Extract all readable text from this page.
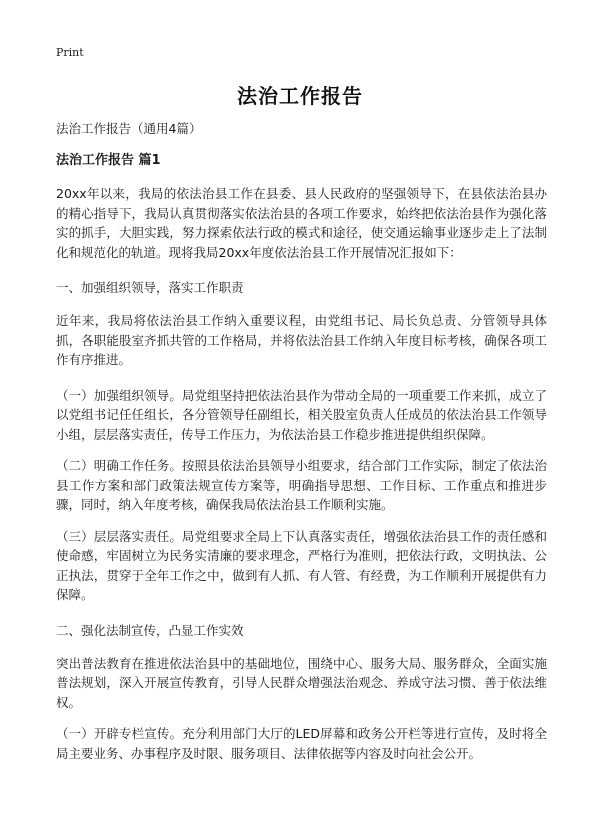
Print
法治工作报告
法治工作报告（通用4篇）
法治工作报告 篇1

20xx年以来，我局的依法治县工作在县委、县人民政府的坚强领导下，在县依法治县办的精心指导下，我局认真贯彻落实依法治县的各项工作要求，始终把依法治县作为强化落实的抓手，大胆实践，努力探索依法行政的模式和途径，使交通运输事业逐步走上了法制化和规范化的轨道。现将我局20xx年度依法治县工作开展情况汇报如下：

一、加强组织领导，落实工作职责

近年来，我局将依法治县工作纳入重要议程，由党组书记、局长负总责、分管领导具体抓，各职能股室齐抓共管的工作格局，并将依法治县工作纳入年度目标考核，确保各项工作有序推进。

（一）加强组织领导。局党组坚持把依法治县作为带动全局的一项重要工作来抓，成立了以党组书记任任组长，各分管领导任副组长，相关股室负责人任成员的依法治县工作领导小组，层层落实责任，传导工作压力，为依法治县工作稳步推进提供组织保障。

（二）明确工作任务。按照县依法治县领导小组要求，结合部门工作实际，制定了依法治县工作方案和部门政策法规宣传方案等，明确指导思想、工作目标、工作重点和推进步骤，同时，纳入年度考核，确保我局依法治县工作顺利实施。

（三）层层落实责任。局党组要求全局上下认真落实责任，增强依法治县工作的责任感和使命感，牢固树立为民务实清廉的要求理念，严格行为准则，把依法行政，文明执法、公正执法，贯穿于全年工作之中，做到有人抓、有人管、有经费，为工作顺利开展提供有力保障。

二、强化法制宣传，凸显工作实效

突出普法教育在推进依法治县中的基础地位，围绕中心、服务大局、服务群众，全面实施普法规划，深入开展宣传教育，引导人民群众增强法治观念、养成守法习惯、善于依法维权。

（一）开辟专栏宣传。充分利用部门大厅的LED屏幕和政务公开栏等进行宣传，及时将全局主要业务、办事程序及时限、服务项目、法律依据等内容及时向社会公开。
